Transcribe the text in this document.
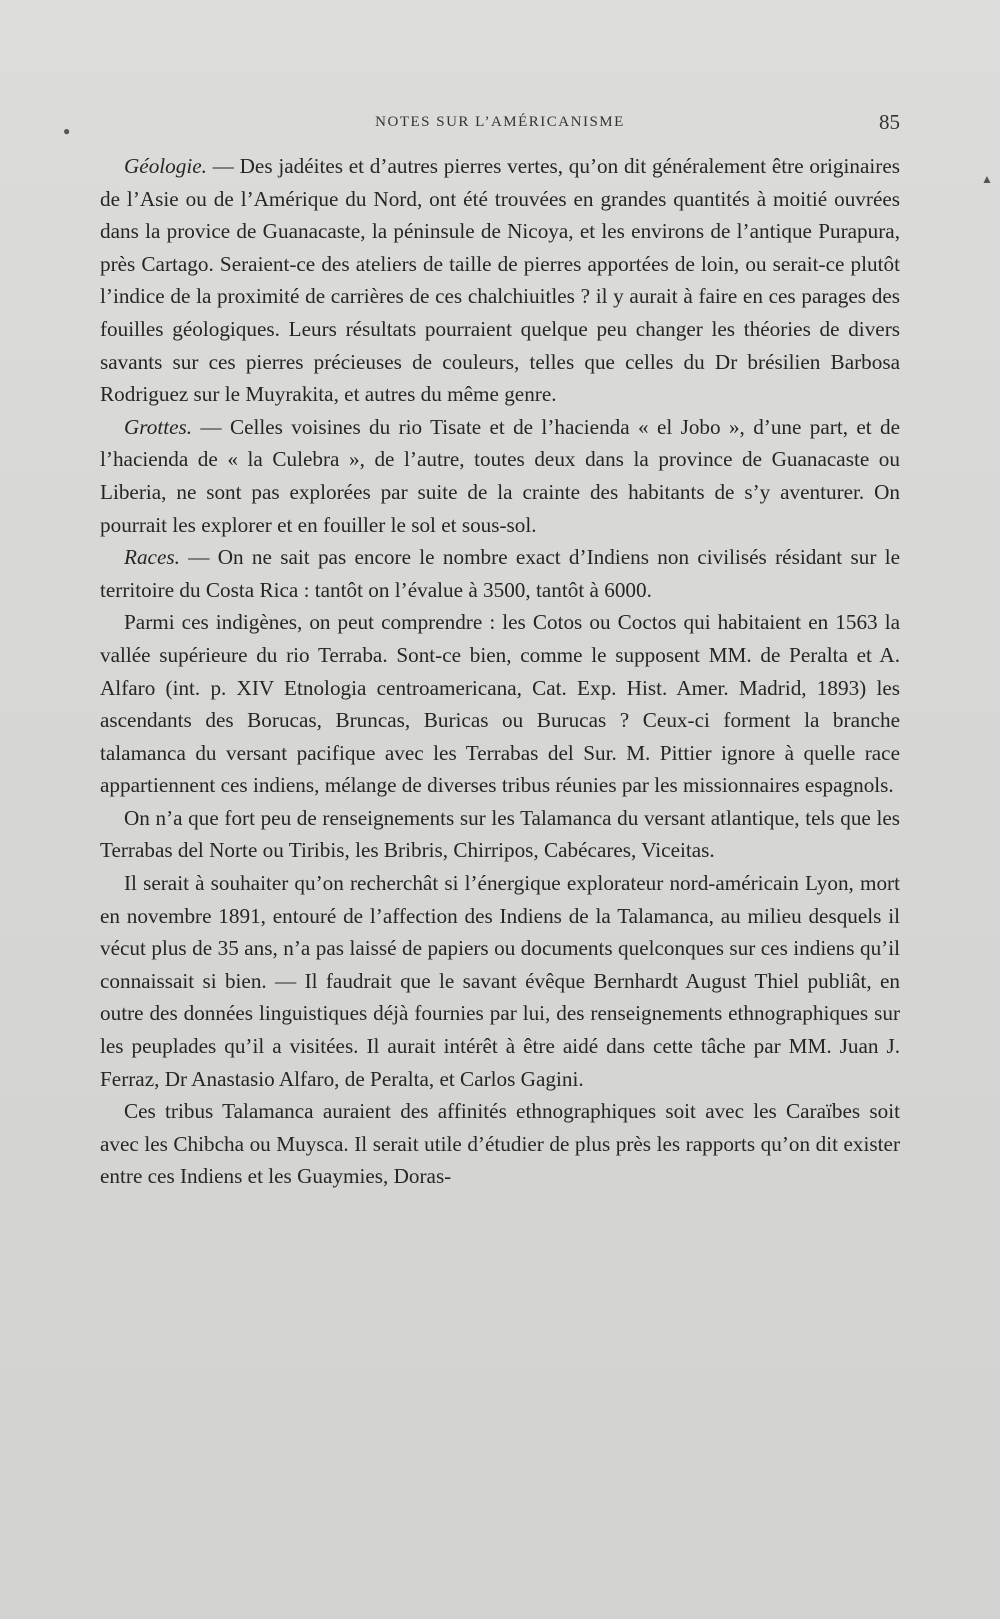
●
▲
NOTES SUR L’AMÉRICANISME	85

Géologie. — Des jadéites et d’autres pierres vertes, qu’on dit généralement être originaires de l’Asie ou de l’Amérique du Nord, ont été trouvées en grandes quantités à moitié ouvrées dans la provice de Guanacaste, la péninsule de Nicoya, et les environs de l’antique Purapura, près Cartago. Seraient-ce des ateliers de taille de pierres apportées de loin, ou serait-ce plutôt l’indice de la proximité de carrières de ces chalchiuitles ? il y aurait à faire en ces parages des fouilles géologiques. Leurs résultats pourraient quelque peu changer les théories de divers savants sur ces pierres précieuses de couleurs, telles que celles du Dr brésilien Barbosa Rodriguez sur le Muyrakita, et autres du même genre.

Grottes. — Celles voisines du rio Tisate et de l’hacienda « el Jobo », d’une part, et de l’hacienda de « la Culebra », de l’autre, toutes deux dans la province de Guanacaste ou Liberia, ne sont pas explorées par suite de la crainte des habitants de s’y aventurer. On pourrait les explorer et en fouiller le sol et sous-sol.

Races. — On ne sait pas encore le nombre exact d’Indiens non civilisés résidant sur le territoire du Costa Rica : tantôt on l’évalue à 3500, tantôt à 6000.

Parmi ces indigènes, on peut comprendre : les Cotos ou Coctos qui habitaient en 1563 la vallée supérieure du rio Terraba. Sont-ce bien, comme le supposent MM. de Peralta et A. Alfaro (int. p. XIV Etnologia centroamericana, Cat. Exp. Hist. Amer. Madrid, 1893) les ascendants des Borucas, Bruncas, Buricas ou Burucas ? Ceux-ci forment la branche talamanca du versant pacifique avec les Terrabas del Sur. M. Pittier ignore à quelle race appartiennent ces indiens, mélange de diverses tribus réunies par les missionnaires espagnols.

On n’a que fort peu de renseignements sur les Talamanca du versant atlantique, tels que les Terrabas del Norte ou Tiribis, les Bribris, Chirripos, Cabécares, Viceitas.

Il serait à souhaiter qu’on recherchât si l’énergique explorateur nord-américain Lyon, mort en novembre 1891, entouré de l’affection des Indiens de la Talamanca, au milieu desquels il vécut plus de 35 ans, n’a pas laissé de papiers ou documents quelconques sur ces indiens qu’il connaissait si bien. — Il faudrait que le savant évêque Bernhardt August Thiel publiât, en outre des données linguistiques déjà fournies par lui, des renseignements ethnographiques sur les peuplades qu’il a visitées. Il aurait intérêt à être aidé dans cette tâche par MM. Juan J. Ferraz, Dr Anastasio Alfaro, de Peralta, et Carlos Gagini.

Ces tribus Talamanca auraient des affinités ethnographiques soit avec les Caraïbes soit avec les Chibcha ou Muysca. Il serait utile d’étudier de plus près les rapports qu’on dit exister entre ces Indiens et les Guaymies, Doras-
